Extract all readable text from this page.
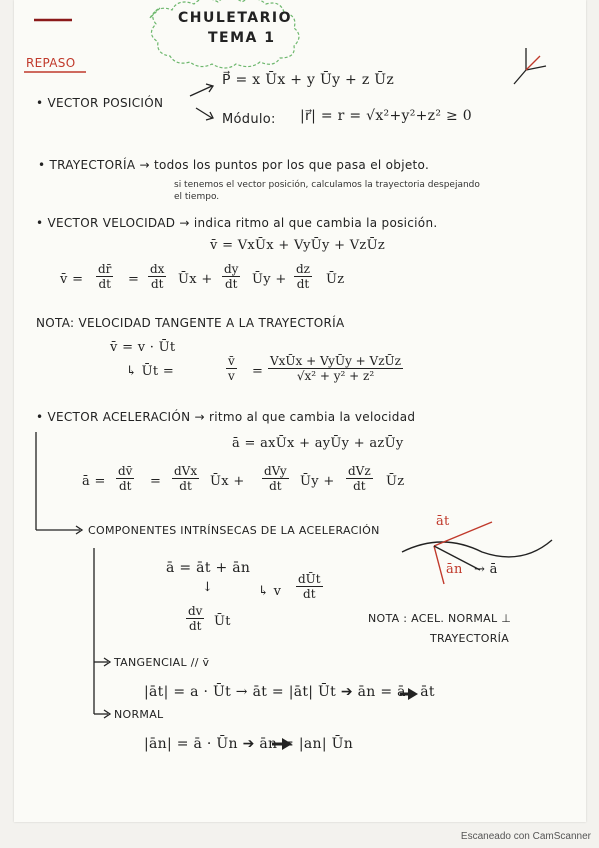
CHULETARIO
TEMA 1
REPASO
• VECTOR POSICIÓN
P⃗ = x Ūx + y Ūy + z Ūz
Módulo: |r⃗| = r = √x²+y²+z² ≥ 0
• TRAYECTORÍA → todos los puntos por los que pasa el objeto.
si tenemos el vector posición, calculamos la trayectoria despejando
el tiempo.
• VECTOR VELOCIDAD → indica ritmo al que cambia la posición.
v̄ = VxŪx + VyŪy + VzŪz
v̄ = $\frac{dr̄}{dt} = \frac{dx}{dt}$ Ūx + $\frac{dy}{dt}$ Ūy + $\frac{dz}{dt}$ Ūz
NOTA: VELOCIDAD TANGENTE A LA TRAYECTORÍA
v̄ = v · Ūt
↳ Ūt =	$\frac{v̄}{v}$ =
VxŪx + VyŪy + VzŪz
√x² + y² + z²
• VECTOR ACELERACIÓN → ritmo al que cambia la velocidad
ā = axŪx + ayŪy + azŪy
ā = $\frac{dv̄}{dt}$ =
dVx
dt	Ūx +
dVy
dt	Ūy +
dVz
dt	Ūz
COMPONENTES INTRÍNSECAS DE LA ACELERACIÓN
ā = āt + ān
↓
$\frac{dv}{dt}$ Ūt
↳ v
dŪt
dt
āt
ān → ā
NOTA : ACEL. NORMAL ⊥
TRAYECTORÍA
TANGENCIAL // v̄
|āt| = a · Ūt → āt = |āt| Ūt ➔ ān = ā - āt
NORMAL
|ān| = ā · Ūn ➔ ān = |an| Ūn
Escaneado con CamScanner
